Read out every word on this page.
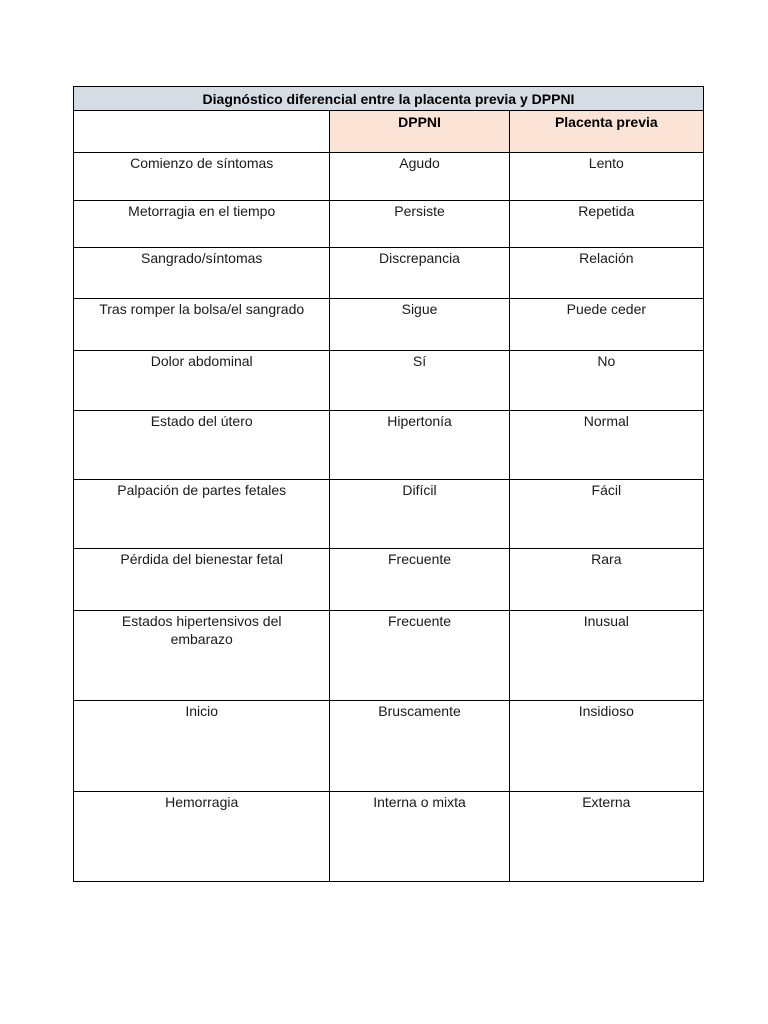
Diagnóstico diferencial entre la placenta previa y DPPNI		

	DPPNI	Placenta previa

Comienzo de síntomas	Agudo	Lento

Metorragia en el tiempo	Persiste	Repetida

Sangrado/síntomas	Discrepancia	Relación

Tras romper la bolsa/el sangrado	Sigue	Puede ceder

Dolor abdominal	Sí	No

Estado del útero	Hipertonía	Normal

Palpación de partes fetales	Difícil	Fácil

Pérdida del bienestar fetal	Frecuente	Rara

Estados hipertensivos del embarazo	Frecuente	Inusual

Inicio	Bruscamente	Insidioso

Hemorragia	Interna o mixta	Externa
